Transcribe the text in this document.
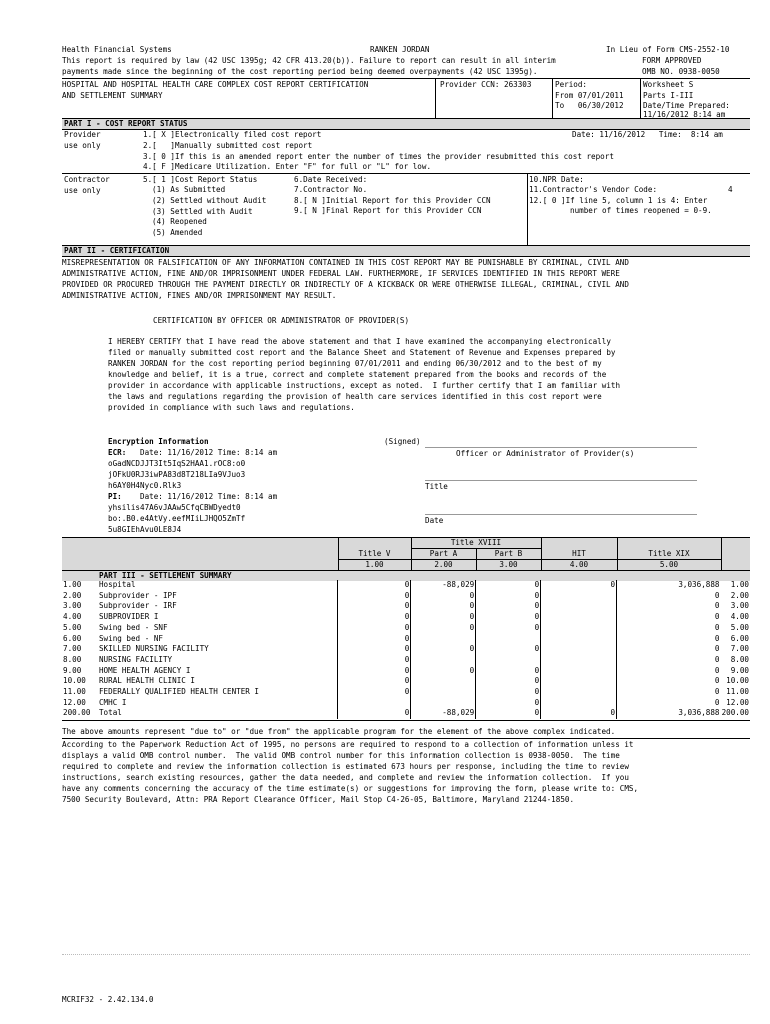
Health Financial Systems	RANKEN JORDAN	In Lieu of Form CMS-2552-10
This report is required by law (42 USC 1395g; 42 CFR 413.20(b)). Failure to report can result in all interim	FORM APPROVED
payments made since the beginning of the cost reporting period being deemed overpayments (42 USC 1395g).	OMB NO. 0938-0050
HOSPITAL AND HOSPITAL HEALTH CARE COMPLEX COST REPORT CERTIFICATION
AND SETTLEMENT SUMMARY
Provider CCN: 263303	Period:
From 07/01/2011
To   06/30/2012
Worksheet S
Parts I-III
Date/Time Prepared:
11/16/2012 8:14 am
PART I - COST REPORT STATUS
Provider
use only
1.[ X ]Electronically filed cost report	Date: 11/16/2012   Time:  8:14 am
2.[   ]Manually submitted cost report
3.[ 0 ]If this is an amended report enter the number of times the provider resubmitted this cost report
4.[ F ]Medicare Utilization. Enter "F" for full or "L" for low.
Contractor
use only
5.[ 1 ]Cost Report Status
(1) As Submitted
(2) Settled without Audit
(3) Settled with Audit
(4) Reopened
(5) Amended
6.Date Received:
7.Contractor No.
8.[ N ]Initial Report for this Provider CCN
9.[ N ]Final Report for this Provider CCN
10.NPR Date:
11.Contractor's Vendor Code:	4
12.[ 0 ]If line 5, column 1 is 4: Enter
number of times reopened = 0-9.
PART II - CERTIFICATION
MISREPRESENTATION OR FALSIFICATION OF ANY INFORMATION CONTAINED IN THIS COST REPORT MAY BE PUNISHABLE BY CRIMINAL, CIVIL AND
ADMINISTRATIVE ACTION, FINE AND/OR IMPRISONMENT UNDER FEDERAL LAW. FURTHERMORE, IF SERVICES IDENTIFIED IN THIS REPORT WERE
PROVIDED OR PROCURED THROUGH THE PAYMENT DIRECTLY OR INDIRECTLY OF A KICKBACK OR WERE OTHERWISE ILLEGAL, CRIMINAL, CIVIL AND
ADMINISTRATIVE ACTION, FINES AND/OR IMPRISONMENT MAY RESULT.
CERTIFICATION BY OFFICER OR ADMINISTRATOR OF PROVIDER(S)
I HEREBY CERTIFY that I have read the above statement and that I have examined the accompanying electronically
filed or manually submitted cost report and the Balance Sheet and Statement of Revenue and Expenses prepared by
RANKEN JORDAN for the cost reporting period beginning 07/01/2011 and ending 06/30/2012 and to the best of my
knowledge and belief, it is a true, correct and complete statement prepared from the books and records of the
provider in accordance with applicable instructions, except as noted.  I further certify that I am familiar with
the laws and regulations regarding the provision of health care services identified in this cost report were
provided in compliance with such laws and regulations.
Encryption Information
ECR: Date: 11/16/2012 Time: 8:14 am
oGadNCDJJT3It5IqS2HAA1.rOC8:o0
jOFkU0RJ3iwPA83d8T218LIa9VJuo3
h6AY0H4Nyc0.Rlk3
PI: Date: 11/16/2012 Time: 8:14 am
yhsilis47A6vJAAw5CfqCBWDyedt0
bo:.B0.e4AtVy.eefMIiLJHQO5ZmTf
5u8GIEhAvu0LE8J4
(Signed)
Officer or Administrator of Provider(s)
Title
Date
Title XVIII
Title V	Part A	Part B	HIT	Title XIX
1.00	2.00	3.00	4.00	5.00
PART III - SETTLEMENT SUMMARY
1.00	Hospital	0	-88,029	0	0	3,036,888	1.00
2.00	Subprovider - IPF	0	0	0		0	2.00
3.00	Subprovider - IRF	0	0	0		0	3.00
4.00	SUBPROVIDER I	0	0	0		0	4.00
5.00	Swing bed - SNF	0	0	0		0	5.00
6.00	Swing bed - NF	0				0	6.00
7.00	SKILLED NURSING FACILITY	0	0	0		0	7.00
8.00	NURSING FACILITY	0				0	8.00
9.00	HOME HEALTH AGENCY I	0	0	0		0	9.00
10.00	RURAL HEALTH CLINIC I	0		0		0	10.00
11.00	FEDERALLY QUALIFIED HEALTH CENTER I	0		0		0	11.00
12.00	CMHC I			0		0	12.00
200.00	Total	0	-88,029	0	0	3,036,888	200.00
The above amounts represent "due to" or "due from" the applicable program for the element of the above complex indicated.
According to the Paperwork Reduction Act of 1995, no persons are required to respond to a collection of information unless it
displays a valid OMB control number.  The valid OMB control number for this information collection is 0938-0050.  The time
required to complete and review the information collection is estimated 673 hours per response, including the time to review
instructions, search existing resources, gather the data needed, and complete and review the information collection.  If you
have any comments concerning the accuracy of the time estimate(s) or suggestions for improving the form, please write to: CMS,
7500 Security Boulevard, Attn: PRA Report Clearance Officer, Mail Stop C4-26-05, Baltimore, Maryland 21244-1850.
MCRIF32 - 2.42.134.0
